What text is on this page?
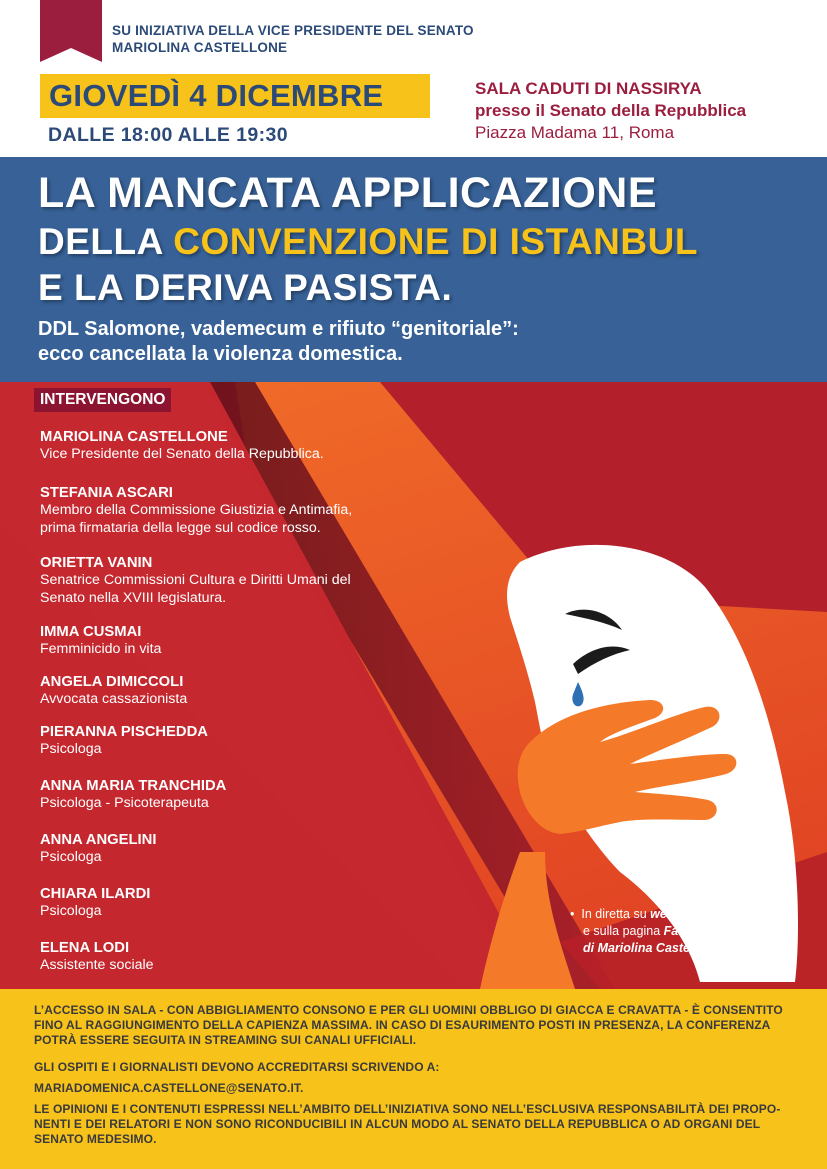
SU INIZIATIVA DELLA VICE PRESIDENTE DEL SENATO
MARIOLINA CASTELLONE
GIOVEDÌ 4 DICEMBRE
DALLE 18:00 ALLE 19:30
SALA CADUTI DI NASSIRYA
presso il Senato della Repubblica
Piazza Madama 11, Roma
LA MANCATA APPLICAZIONE
DELLA CONVENZIONE DI ISTANBUL
E LA DERIVA PASISTA.
DDL Salomone, vademecum e rifiuto “genitoriale”:
ecco cancellata la violenza domestica.
INTERVENGONO
MARIOLINA CASTELLONE
Vice Presidente del Senato della Repubblica.
STEFANIA ASCARI
Membro della Commissione Giustizia e Antimafia,
prima firmataria della legge sul codice rosso.
ORIETTA VANIN
Senatrice Commissioni Cultura e Diritti Umani del
Senato nella XVIII legislatura.
IMMA CUSMAI
Femminicido in vita
ANGELA DIMICCOLI
Avvocata cassazionista
PIERANNA PISCHEDDA
Psicologa
ANNA MARIA TRANCHIDA
Psicologa - Psicoterapeuta
ANNA ANGELINI
Psicologa
CHIARA ILARDI
Psicologa
ELENA LODI
Assistente sociale
• In diretta su webtv.senato.it
e sulla pagina Facebook
di Mariolina Castellone

L’ACCESSO IN SALA - CON ABBIGLIAMENTO CONSONO E PER GLI UOMINI OBBLIGO DI GIACCA E CRAVATTA - È CONSENTITO
FINO AL RAGGIUNGIMENTO DELLA CAPIENZA MASSIMA. IN CASO DI ESAURIMENTO POSTI IN PRESENZA, LA CONFERENZA
POTRÀ ESSERE SEGUITA IN STREAMING SUI CANALI UFFICIALI.

GLI OSPITI E I GIORNALISTI DEVONO ACCREDITARSI SCRIVENDO A:

MARIADOMENICA.CASTELLONE@SENATO.IT.

LE OPINIONI E I CONTENUTI ESPRESSI NELL’AMBITO DELL’INIZIATIVA SONO NELL’ESCLUSIVA RESPONSABILITÀ DEI PROPO-
NENTI E DEI RELATORI E NON SONO RICONDUCIBILI IN ALCUN MODO AL SENATO DELLA REPUBBLICA O AD ORGANI DEL
SENATO MEDESIMO.
